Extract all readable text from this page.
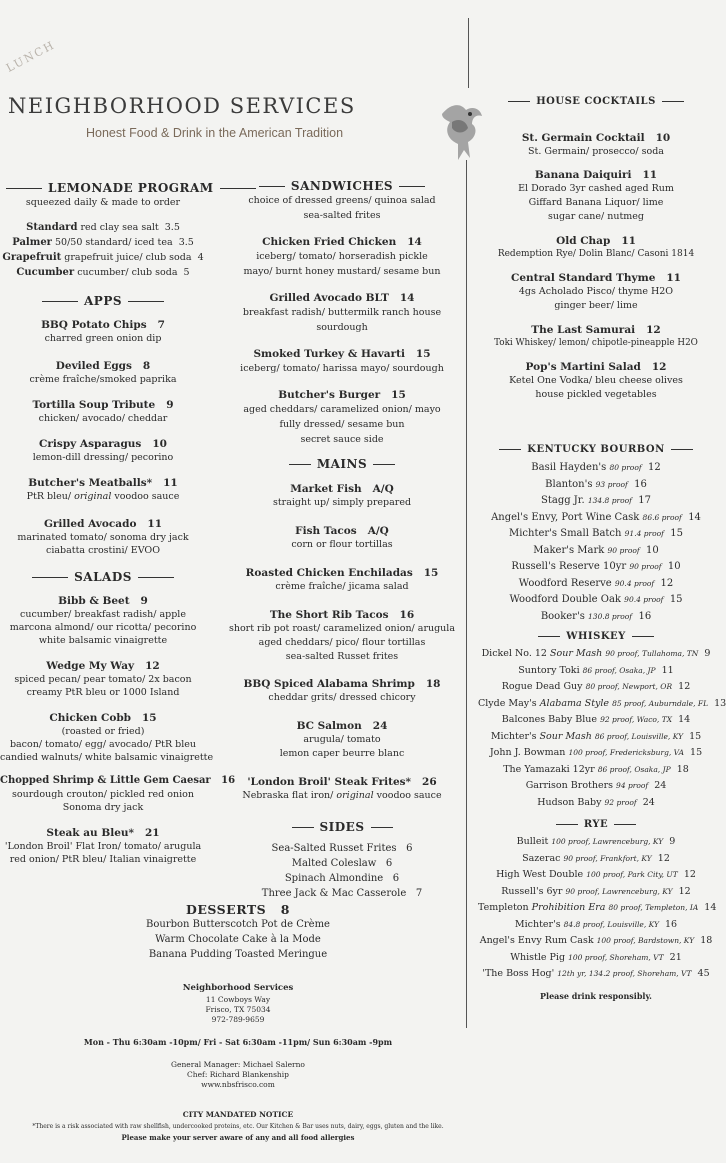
LUNCH
NEIGHBORHOOD SERVICES
Honest Food & Drink in the American Tradition
LEMONADE PROGRAM
squeezed daily & made to order
Standard red clay sea salt 3.5
Palmer 50/50 standard/ iced tea 3.5
Grapefruit grapefruit juice/ club soda 4
Cucumber cucumber/ club soda 5
APPS
BBQ Potato Chips 7
charred green onion dip
Deviled Eggs 8
crème fraîche/smoked paprika
Tortilla Soup Tribute 9
chicken/ avocado/ cheddar
Crispy Asparagus 10
lemon-dill dressing/ pecorino
Butcher's Meatballs* 11
PtR bleu/ original voodoo sauce
Grilled Avocado 11
marinated tomato/ sonoma dry jack
ciabatta crostini/ EVOO
SALADS
Bibb & Beet 9
cucumber/ breakfast radish/ apple
marcona almond/ our ricotta/ pecorino
white balsamic vinaigrette
Wedge My Way 12
spiced pecan/ pear tomato/ 2x bacon
creamy PtR bleu or 1000 Island
Chicken Cobb 15
(roasted or fried)
bacon/ tomato/ egg/ avocado/ PtR bleu
candied walnuts/ white balsamic vinaigrette
Chopped Shrimp & Little Gem Caesar 16
sourdough crouton/ pickled red onion
Sonoma dry jack
Steak au Bleu* 21
'London Broil' Flat Iron/ tomato/ arugula
red onion/ PtR bleu/ Italian vinaigrette
SANDWICHES
choice of dressed greens/ quinoa salad
sea-salted frites
Chicken Fried Chicken 14
iceberg/ tomato/ horseradish pickle
mayo/ burnt honey mustard/ sesame bun
Grilled Avocado BLT 14
breakfast radish/ buttermilk ranch house
sourdough
Smoked Turkey & Havarti 15
iceberg/ tomato/ harissa mayo/ sourdough
Butcher's Burger 15
aged cheddars/ caramelized onion/ mayo
fully dressed/ sesame bun
secret sauce side
MAINS
Market Fish A/Q
straight up/ simply prepared
Fish Tacos A/Q
corn or flour tortillas
Roasted Chicken Enchiladas 15
crème fraîche/ jicama salad
The Short Rib Tacos 16
short rib pot roast/ caramelized onion/ arugula
aged cheddars/ pico/ flour tortillas
sea-salted Russet frites
BBQ Spiced Alabama Shrimp 18
cheddar grits/ dressed chicory
BC Salmon 24
arugula/ tomato
lemon caper beurre blanc
'London Broil' Steak Frites* 26
Nebraska flat iron/ original voodoo sauce
SIDES
Sea-Salted Russet Frites 6
Malted Coleslaw 6
Spinach Almondine 6
Three Jack & Mac Casserole 7
DESSERTS 8
Bourbon Butterscotch Pot de Crème
Warm Chocolate Cake à la Mode
Banana Pudding Toasted Meringue
HOUSE COCKTAILS
St. Germain Cocktail 10
St. Germain/ prosecco/ soda
Banana Daiquiri 11
El Dorado 3yr cashed aged Rum
Giffard Banana Liquor/ lime
sugar cane/ nutmeg
Old Chap 11
Redemption Rye/ Dolin Blanc/ Casoni 1814
Central Standard Thyme 11
4gs Acholado Pisco/ thyme H2O
ginger beer/ lime
The Last Samurai 12
Toki Whiskey/ lemon/ chipotle-pineapple H2O
Pop's Martini Salad 12
Ketel One Vodka/ bleu cheese olives
house pickled vegetables
KENTUCKY BOURBON
Basil Hayden's 80 proof 12
Blanton's 93 proof 16
Stagg Jr. 134.8 proof 17
Angel's Envy, Port Wine Cask 86.6 proof 14
Michter's Small Batch 91.4 proof 15
Maker's Mark 90 proof 10
Russell's Reserve 10yr 90 proof 10
Woodford Reserve 90.4 proof 12
Woodford Double Oak 90.4 proof 15
Booker's 130.8 proof 16
WHISKEY
Dickel No. 12 Sour Mash 90 proof, Tullahoma, TN 9
Suntory Toki 86 proof, Osaka, JP 11
Rogue Dead Guy 80 proof, Newport, OR 12
Clyde May's Alabama Style 85 proof, Auburndale, FL 13
Balcones Baby Blue 92 proof, Waco, TX 14
Michter's Sour Mash 86 proof, Louisville, KY 15
John J. Bowman 100 proof, Fredericksburg, VA 15
The Yamazaki 12yr 86 proof, Osaka, JP 18
Garrison Brothers 94 proof 24
Hudson Baby 92 proof 24
RYE
Bulleit 100 proof, Lawrenceburg, KY 9
Sazerac 90 proof, Frankfort, KY 12
High West Double 100 proof, Park City, UT 12
Russell's 6yr 90 proof, Lawrenceburg, KY 12
Templeton Prohibition Era 80 proof, Templeton, IA 14
Michter's 84.8 proof, Louisville, KY 16
Angel's Envy Rum Cask 100 proof, Bardstown, KY 18
Whistle Pig 100 proof, Shoreham, VT 21
'The Boss Hog' 12th yr, 134.2 proof, Shoreham, VT 45
Please drink responsibly.
Neighborhood Services
11 Cowboys Way
Frisco, TX 75034
972-789-9659
Mon - Thu 6:30am -10pm/ Fri - Sat 6:30am -11pm/ Sun 6:30am -9pm
General Manager: Michael Salerno
Chef: Richard Blankenship
www.nbsfrisco.com
CITY MANDATED NOTICE
*There is a risk associated with raw shellfish, undercooked proteins, etc. Our Kitchen & Bar uses nuts, dairy, eggs, gluten and the like.
Please make your server aware of any and all food allergies
